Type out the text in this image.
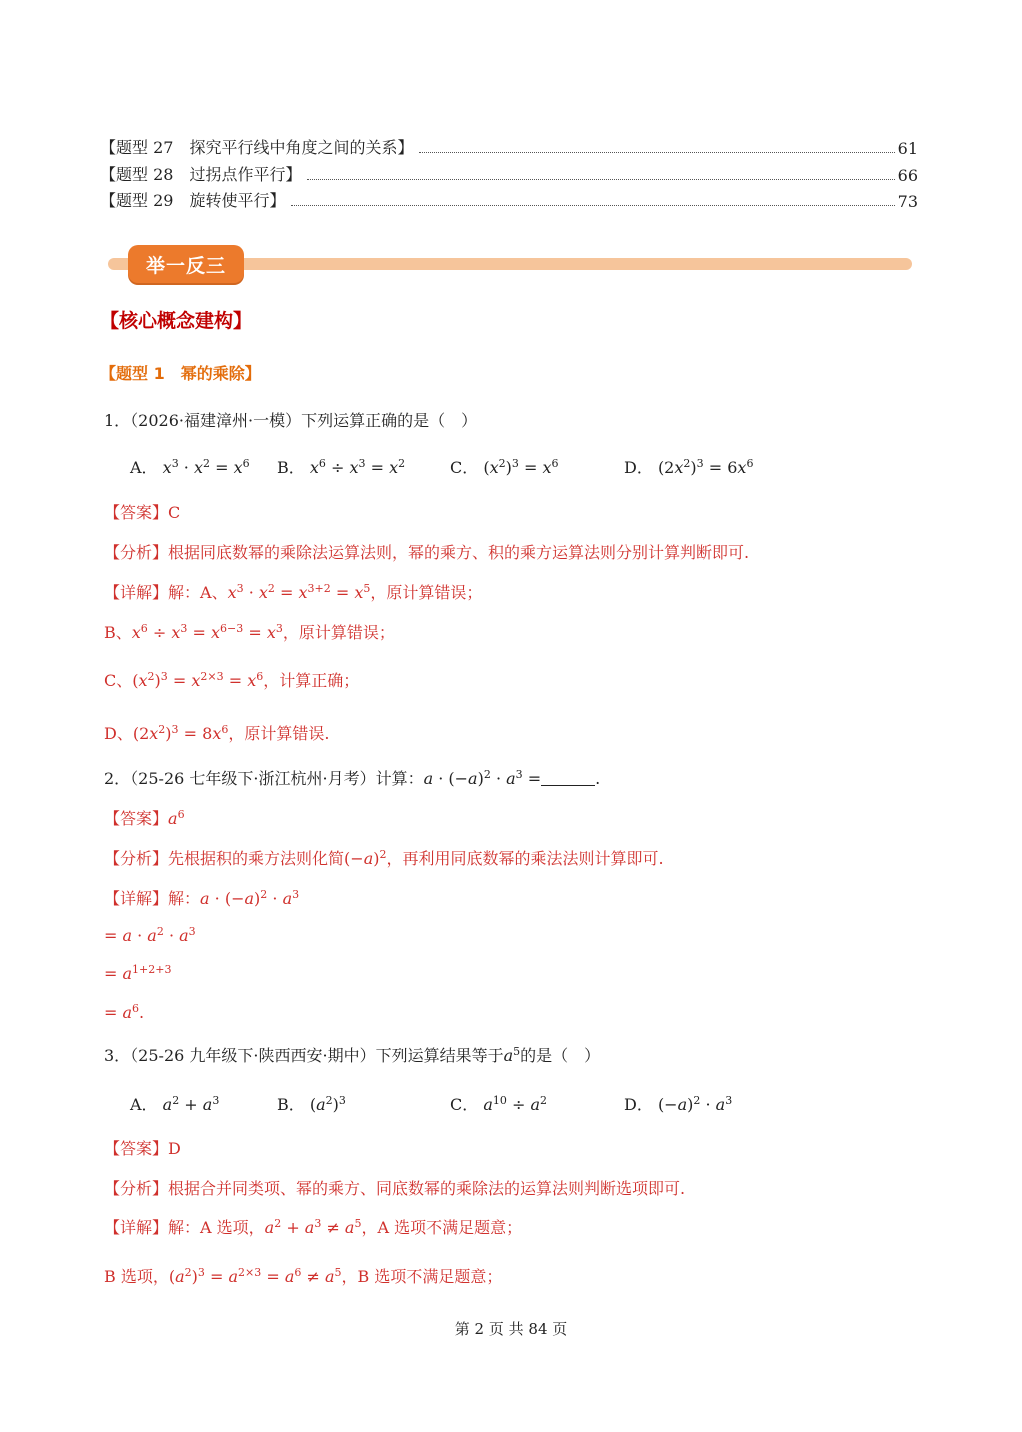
【题型 27　探究平行线中角度之间的关系】	61
【题型 28　过拐点作平行】	66
【题型 29　旋转使平行】	73
举一反三
【核心概念建构】
【题型 1　幂的乘除】
1．（2026·福建漳州·一模）下列运算正确的是（　）
A． $x^3 \cdot x^2 = x^6$ B． $x^6 \div x^3 = x^2$	C． $(x^2)^3 = x^6$	D． $(2x^2)^3 = 6x^6$
【答案】C
【分析】根据同底数幂的乘除法运算法则，幂的乘方、积的乘方运算法则分别计算判断即可.
【详解】解：A、$x^3 \cdot x^2 = x^{3+2} = x^5$，原计算错误；
B、$x^6 \div x^3 = x^{6-3} = x^3$，原计算错误；
C、$(x^2)^3 = x^{2\times 3} = x^6$，计算正确；
D、$(2x^2)^3 = 8x^6$，原计算错误.
2．（25-26 七年级下·浙江杭州·月考）计算：$a \cdot (-a)^2 \cdot a^3$ =	.
【答案】$a^6$
【分析】先根据积的乘方法则化简$(-a)^2$，再利用同底数幂的乘法法则计算即可.
【详解】解：$a \cdot (-a)^2 \cdot a^3$
= $a \cdot a^2 \cdot a^3$
= $a^{1+2+3}$
= $a^6$.
3．（25-26 九年级下·陕西西安·期中）下列运算结果等于$a^5$的是（　）
A． $a^2 + a^3$	B． $(a^2)^3$	C． $a^{10} \div a^2$	D． $(-a)^2 \cdot a^3$
【答案】D
【分析】根据合并同类项、幂的乘方、同底数幂的乘除法的运算法则判断选项即可.
【详解】解：A 选项，$a^2 + a^3 \ne a^5$，A 选项不满足题意；
B 选项，$(a^2)^3 = a^{2\times 3} = a^6 \ne a^5$，B 选项不满足题意；
第 2 页 共 84 页
